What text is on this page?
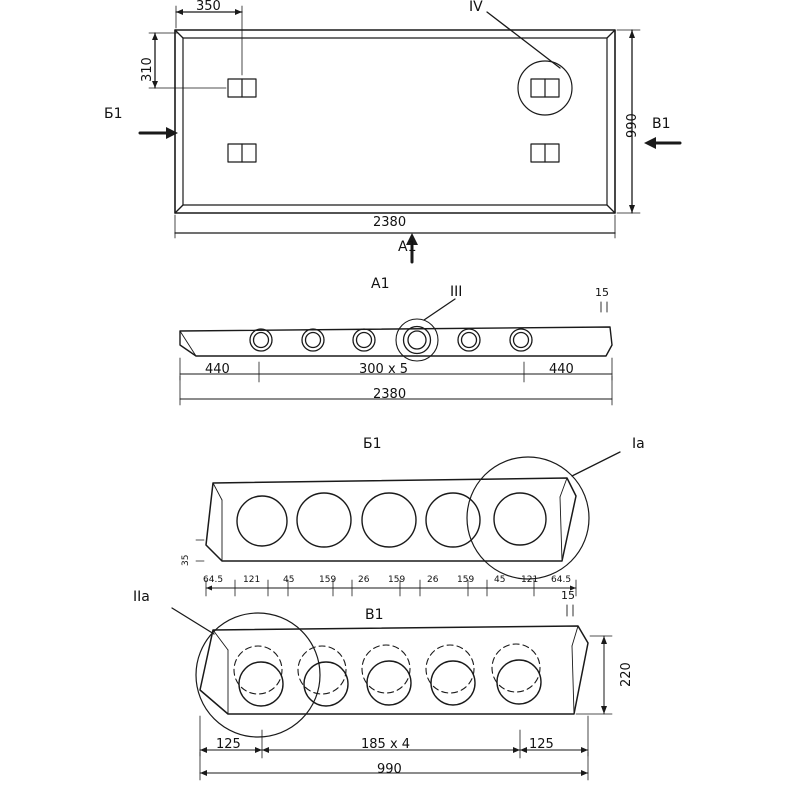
350
310
2380
990
IV
Б1
В1
А1
А1	III	15
440	300 х 5	440
2380
Б1	Iа
35
64.5 121	45	159 26 159 26 159 45 121 64.5
В1
IIа	15
220
125	185 х 4	125
990
